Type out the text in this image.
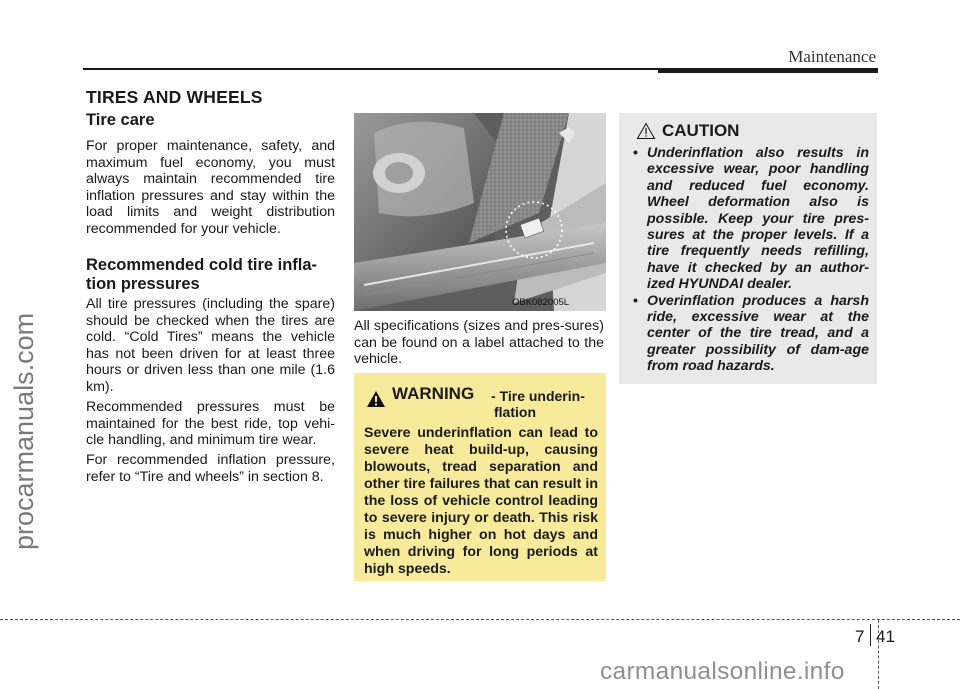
procarmanuals.com
Maintenance
TIRES AND WHEELS
Tire care
For proper maintenance, safety, and maximum fuel economy, you must always maintain recommended tire inflation pressures and stay within the load limits and weight distribution recommended for your vehicle.
Recommended cold tire infla-tion pressures
All tire pressures (including the spare) should be checked when the tires are cold. “Cold Tires” means the vehicle has not been driven for at least three hours or driven less than one mile (1.6 km).
Recommended pressures must be maintained for the best ride, top vehi-cle handling, and minimum tire wear.
For recommended inflation pressure, refer to “Tire and wheels” in section 8.
OBK082005L
All specifications (sizes and pres-sures) can be found on a label attached to the vehicle.
WARNING - Tire underin-
flation
Severe underinflation can lead to severe heat build-up, causing blowouts, tread separation and other tire failures that can result in the loss of vehicle control leading to severe injury or death. This risk is much higher on hot days and when driving for long periods at high speeds.
CAUTION
• Underinflation also results in excessive wear, poor handling and reduced fuel economy. Wheel deformation also is possible. Keep your tire pres-sures at the proper levels. If a tire frequently needs refilling, have it checked by an author-ized HYUNDAI dealer.
• Overinflation produces a harsh ride, excessive wear at the center of the tire tread, and a greater possibility of dam-age from road hazards.
7 41
carmanualsonline.info
